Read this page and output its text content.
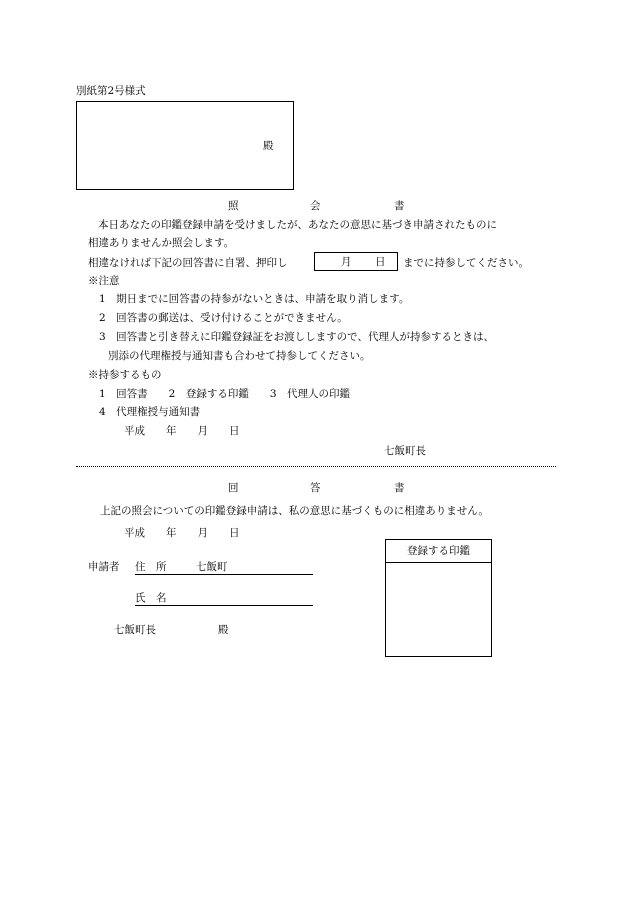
別紙第2号様式
殿
照	会	書
本日あなたの印鑑登録申請を受けましたが、あなたの意思に基づき申請されたものに
相違ありませんか照会します。
相違なければ下記の回答書に自署、押印し	月 日 までに持参してください。
※注意
1　期日までに回答書の持参がないときは、申請を取り消します。
2　回答書の郵送は、受け付けることができません。
3　回答書と引き替えに印鑑登録証をお渡ししますので、代理人が持参するときは、
別添の代理権授与通知書も合わせて持参してください。
※持参するもの
1　回答書　　2　登録する印鑑　　3　代理人の印鑑
4　代理権授与通知書
平成　　年　　月　　日
七飯町長
回	答	書
上記の照会についての印鑑登録申請は、私の意思に基づくものに相違ありません。
平成　　年　　月　　日
申請者 住　所	七飯町
氏　名
七飯町長	殿
登録する印鑑
